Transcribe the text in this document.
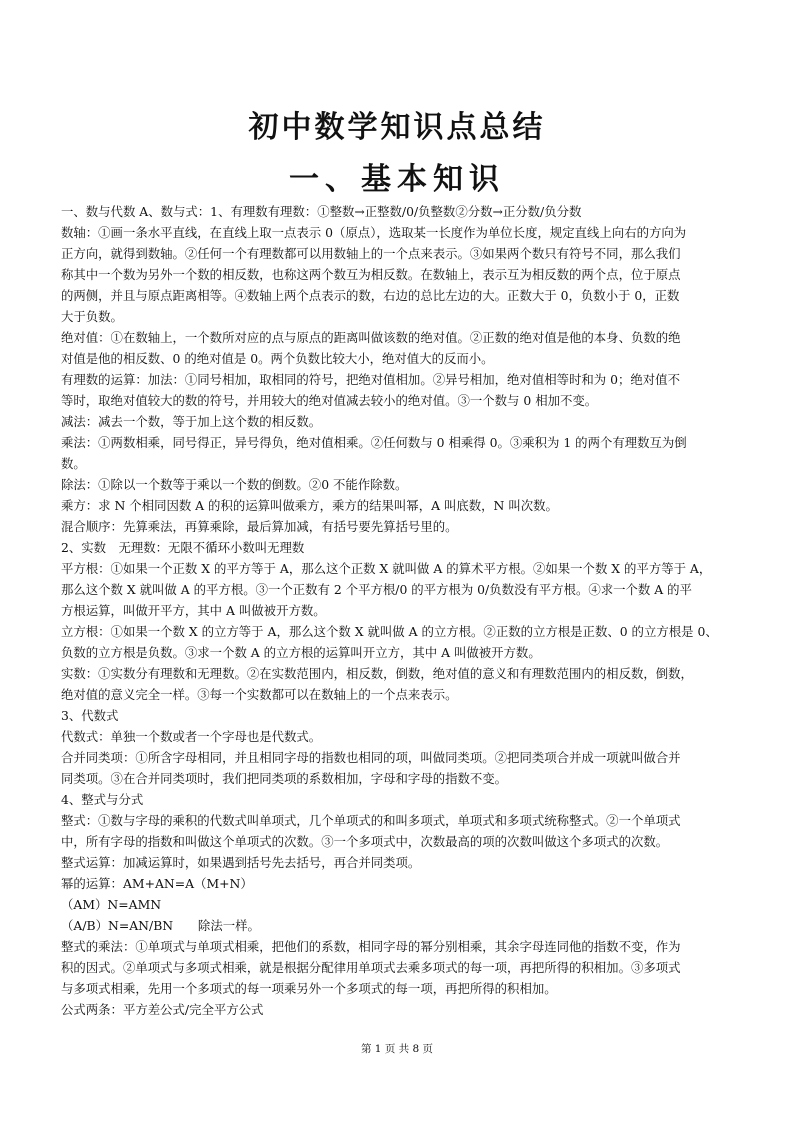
初中数学知识点总结
一、基本知识

一、数与代数 A、数与式：1、有理数有理数：①整数→正整数/0/负整数②分数→正分数/负分数

数轴：①画一条水平直线，在直线上取一点表示 0（原点），选取某一长度作为单位长度，规定直线上向右的方向为

正方向，就得到数轴。②任何一个有理数都可以用数轴上的一个点来表示。③如果两个数只有符号不同，那么我们

称其中一个数为另外一个数的相反数，也称这两个数互为相反数。在数轴上，表示互为相反数的两个点，位于原点

的两侧，并且与原点距离相等。④数轴上两个点表示的数，右边的总比左边的大。正数大于 0，负数小于 0，正数

大于负数。

绝对值：①在数轴上，一个数所对应的点与原点的距离叫做该数的绝对值。②正数的绝对值是他的本身、负数的绝

对值是他的相反数、0 的绝对值是 0。两个负数比较大小，绝对值大的反而小。

有理数的运算：加法：①同号相加，取相同的符号，把绝对值相加。②异号相加，绝对值相等时和为 0；绝对值不

等时，取绝对值较大的数的符号，并用较大的绝对值减去较小的绝对值。③一个数与 0 相加不变。

减法：减去一个数，等于加上这个数的相反数。

乘法：①两数相乘，同号得正，异号得负，绝对值相乘。②任何数与 0 相乘得 0。③乘积为 1 的两个有理数互为倒

数。

除法：①除以一个数等于乘以一个数的倒数。②0 不能作除数。

乘方：求 N 个相同因数 A 的积的运算叫做乘方，乘方的结果叫幂，A 叫底数，N 叫次数。

混合顺序：先算乘法，再算乘除，最后算加减，有括号要先算括号里的。

2、实数　无理数：无限不循环小数叫无理数

平方根：①如果一个正数 X 的平方等于 A，那么这个正数 X 就叫做 A 的算术平方根。②如果一个数 X 的平方等于 A，

那么这个数 X 就叫做 A 的平方根。③一个正数有 2 个平方根/0 的平方根为 0/负数没有平方根。④求一个数 A 的平

方根运算，叫做开平方，其中 A 叫做被开方数。

立方根：①如果一个数 X 的立方等于 A，那么这个数 X 就叫做 A 的立方根。②正数的立方根是正数、0 的立方根是 0、

负数的立方根是负数。③求一个数 A 的立方根的运算叫开立方，其中 A 叫做被开方数。

实数：①实数分有理数和无理数。②在实数范围内，相反数，倒数，绝对值的意义和有理数范围内的相反数，倒数，

绝对值的意义完全一样。③每一个实数都可以在数轴上的一个点来表示。

3、代数式

代数式：单独一个数或者一个字母也是代数式。

合并同类项：①所含字母相同，并且相同字母的指数也相同的项，叫做同类项。②把同类项合并成一项就叫做合并

同类项。③在合并同类项时，我们把同类项的系数相加，字母和字母的指数不变。

4、整式与分式

整式：①数与字母的乘积的代数式叫单项式，几个单项式的和叫多项式，单项式和多项式统称整式。②一个单项式

中，所有字母的指数和叫做这个单项式的次数。③一个多项式中，次数最高的项的次数叫做这个多项式的次数。

整式运算：加减运算时，如果遇到括号先去括号，再合并同类项。

幂的运算：AM+AN=A（M+N）

（AM）N=AMN

（A/B）N=AN/BN　　除法一样。

整式的乘法：①单项式与单项式相乘，把他们的系数，相同字母的幂分别相乘，其余字母连同他的指数不变，作为

积的因式。②单项式与多项式相乘，就是根据分配律用单项式去乘多项式的每一项，再把所得的积相加。③多项式

与多项式相乘，先用一个多项式的每一项乘另外一个多项式的每一项，再把所得的积相加。

公式两条：平方差公式/完全平方公式

第 1 页 共 8 页
